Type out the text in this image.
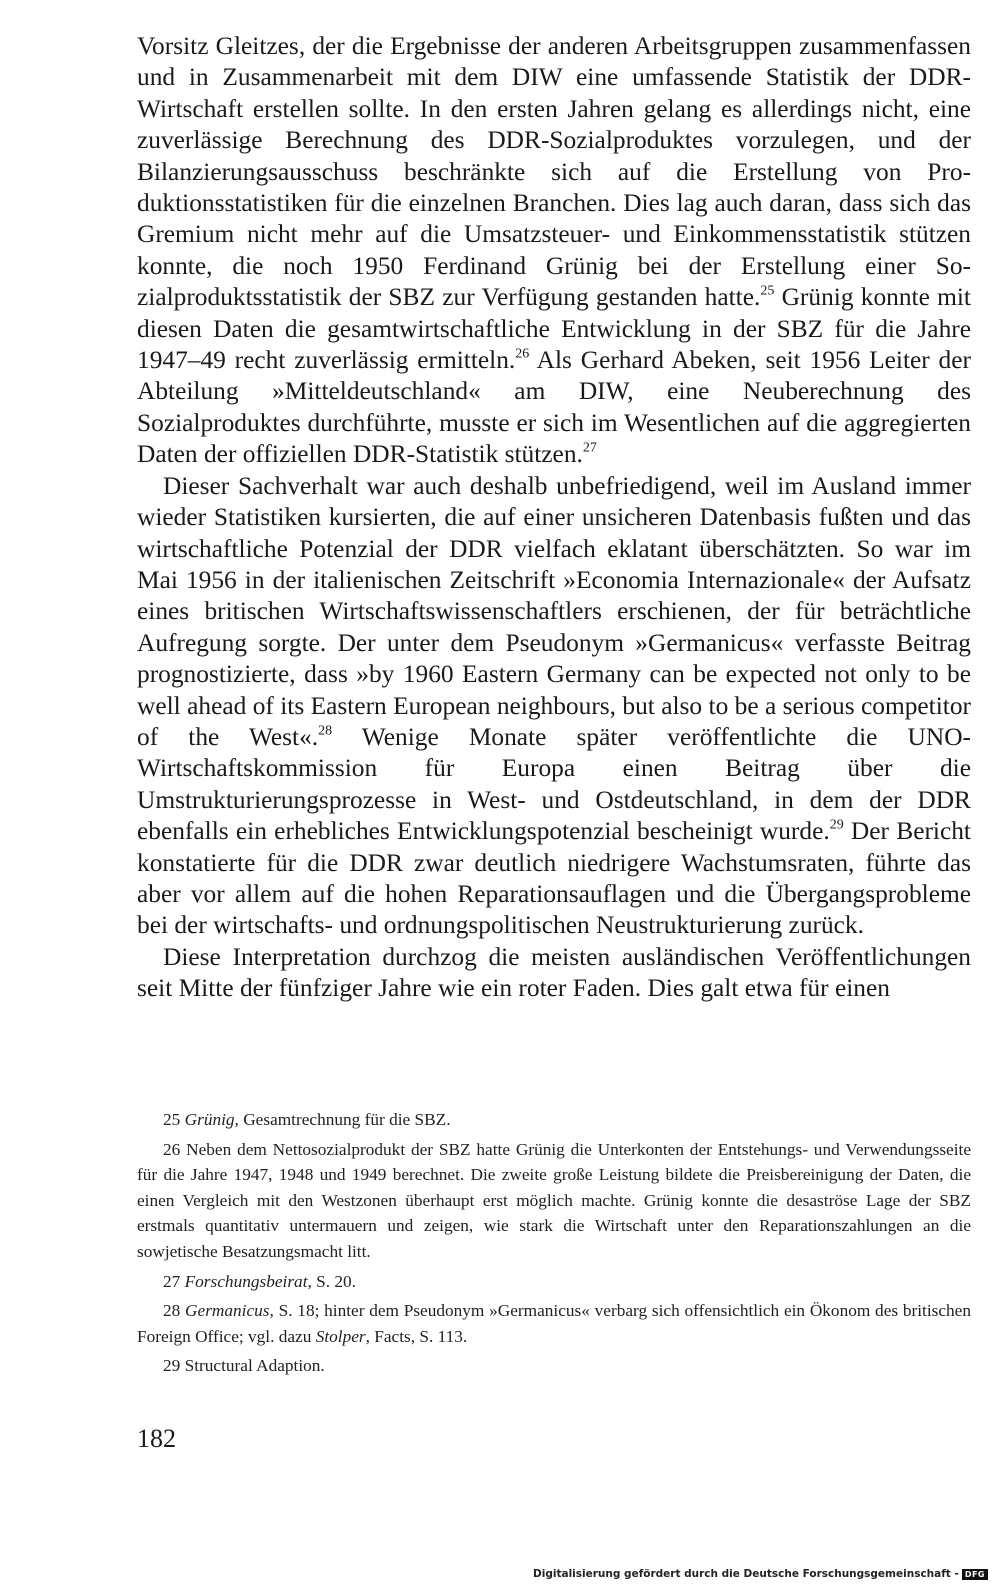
Vorsitz Gleitzes, der die Ergebnisse der anderen Arbeitsgruppen zusammenfassen und in Zusammenarbeit mit dem DIW eine umfassende Statistik der DDR-Wirtschaft erstellen sollte. In den ersten Jahren gelang es allerdings nicht, eine zuverlässige Berechnung des DDR-Sozialproduktes vorzulegen, und der Bilanzierungsausschuss beschränkte sich auf die Erstellung von Produktionsstatistiken für die einzelnen Branchen. Dies lag auch daran, dass sich das Gremium nicht mehr auf die Umsatzsteuer- und Einkommensstatistik stützen konnte, die noch 1950 Ferdinand Grünig bei der Erstellung einer Sozialproduktsstatistik der SBZ zur Verfügung gestanden hatte.$^{25}$ Grünig konnte mit diesen Daten die gesamtwirtschaftliche Entwicklung in der SBZ für die Jahre 1947–49 recht zuverlässig ermitteln.$^{26}$ Als Gerhard Abeken, seit 1956 Leiter der Abteilung »Mitteldeutschland« am DIW, eine Neuberechnung des Sozialproduktes durchführte, musste er sich im Wesentlichen auf die aggregierten Daten der offiziellen DDR-Statistik stützen.$^{27}$

Dieser Sachverhalt war auch deshalb unbefriedigend, weil im Ausland immer wieder Statistiken kursierten, die auf einer unsicheren Datenbasis fußten und das wirtschaftliche Potenzial der DDR vielfach eklatant überschätzten. So war im Mai 1956 in der italienischen Zeitschrift »Economia Internazionale« der Aufsatz eines britischen Wirtschaftswissenschaftlers erschienen, der für beträchtliche Aufregung sorgte. Der unter dem Pseudonym »Germanicus« verfasste Beitrag prognostizierte, dass »by 1960 Eastern Germany can be expected not only to be well ahead of its Eastern European neighbours, but also to be a serious competitor of the West«.$^{28}$ Wenige Monate später veröffentlichte die UNO-Wirtschaftskommission für Europa einen Beitrag über die Umstrukturierungsprozesse in West- und Ostdeutschland, in dem der DDR ebenfalls ein erhebliches Entwicklungspotenzial bescheinigt wurde.$^{29}$ Der Bericht konstatierte für die DDR zwar deutlich niedrigere Wachstumsraten, führte das aber vor allem auf die hohen Reparationsauflagen und die Übergangsprobleme bei der wirtschafts- und ordnungspolitischen Neustrukturierung zurück.

Diese Interpretation durchzog die meisten ausländischen Veröffentlichungen seit Mitte der fünfziger Jahre wie ein roter Faden. Dies galt etwa für einen

25 Grünig, Gesamtrechnung für die SBZ.

26 Neben dem Nettosozialprodukt der SBZ hatte Grünig die Unterkonten der Entstehungs- und Verwendungsseite für die Jahre 1947, 1948 und 1949 berechnet. Die zweite große Leistung bildete die Preisbereinigung der Daten, die einen Vergleich mit den Westzonen überhaupt erst möglich machte. Grünig konnte die desaströse Lage der SBZ erstmals quantitativ untermauern und zeigen, wie stark die Wirtschaft unter den Reparationszahlungen an die sowjetische Besatzungsmacht litt.

27 Forschungsbeirat, S. 20.

28 Germanicus, S. 18; hinter dem Pseudonym »Germanicus« verbarg sich offensichtlich ein Ökonom des britischen Foreign Office; vgl. dazu Stolper, Facts, S. 113.

29 Structural Adaption.

182
Digitalisierung gefördert durch die Deutsche Forschungsgemeinschaft - DFG
